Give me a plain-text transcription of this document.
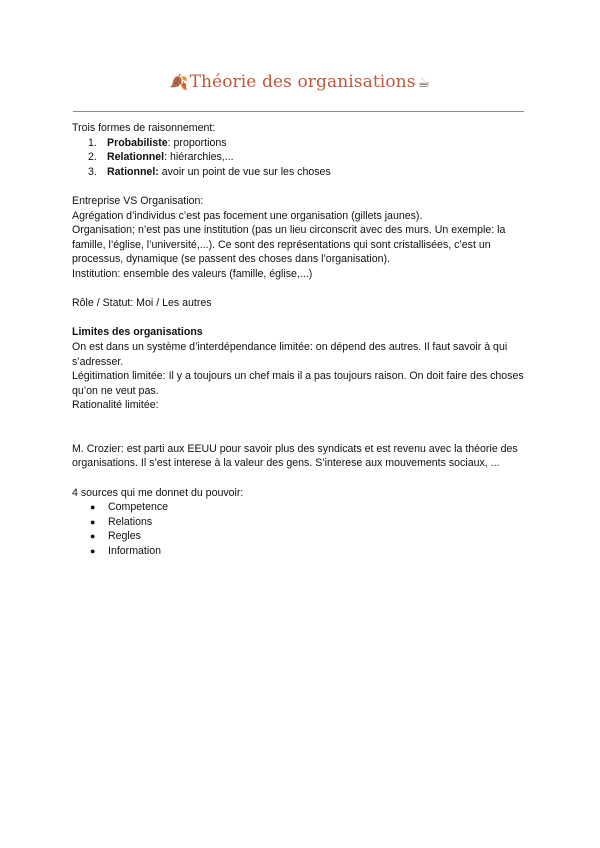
🍂Théorie des organisations ☕

Trois formes de raisonnement:

1. Probabiliste: proportions
2. Relationnel: hiérarchies,...
3. Rationnel: avoir un point de vue sur les choses

Entreprise VS Organisation:

Agrégation d’individus c’est pas focement une organisation (gillets jaunes).

Organisation; n’est pas une institution (pas un lieu circonscrit avec des murs. Un exemple: la famille, l’église, l’université,...). Ce sont des représentations qui sont cristallisées, c’est un processus, dynamique (se passent des choses dans l’organisation).

Institution: ensemble des valeurs (famille, église,...)

Rôle / Statut: Moi / Les autres

Limites des organisations

On est dans un système d’interdépendance limitée: on dépend des autres. Il faut savoir à qui s’adresser.

Légitimation limitée: Il y a toujours un chef mais il a pas toujours raison. On doit faire des choses qu’on ne veut pas.

Rationalité limitée:

M. Crozier: est parti aux EEUU pour savoir plus des syndicats et est revenu avec la théorie des organisations. Il s’est interese à la valeur des gens. S’interese aux mouvements sociaux, ...

4 sources qui me donnet du pouvoir:

● Competence
● Relations
● Regles
● Information
